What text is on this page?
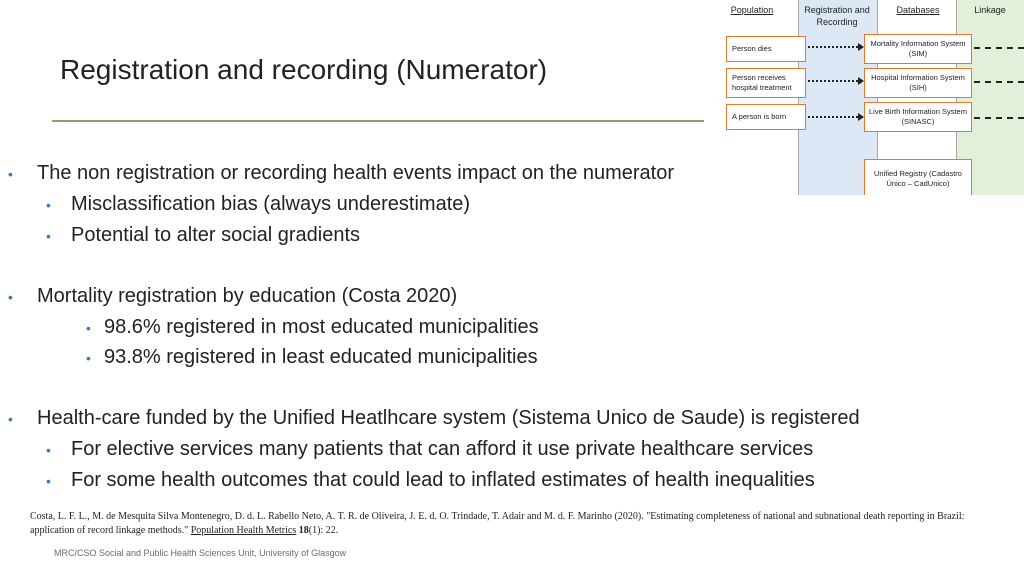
Registration and recording (Numerator)
Population	Registration and Recording
Databases	Linkage
Person dies
Person receives hospital treatment
A person is born
Mortality Information System (SIM)
Hospital Information System (SIH)
Live Birth Information System (SINASC)
Unified Registry (Cadastro Único – CadUnico)
• The non registration or recording health events impact on the numerator
• Misclassification bias (always underestimate)
• Potential to alter social gradients
• Mortality registration by education (Costa 2020)
• 98.6% registered in most educated municipalities
• 93.8% registered in least educated municipalities
• Health-care funded by the Unified Heatlhcare system (Sistema Unico de Saude) is registered
• For elective services many patients that can afford it use private healthcare services
• For some health outcomes that could lead to inflated estimates of health inequalities
Costa, L. F. L., M. de Mesquita Silva Montenegro, D. d. L. Rabello Neto, A. T. R. de Oliveira, J. E. d. O. Trindade, T. Adair and M. d. F. Marinho (2020). "Estimating completeness of national and subnational death reporting in Brazil: application of record linkage methods." Population Health Metrics 18(1): 22.
MRC/CSO Social and Public Health Sciences Unit, University of Glasgow
